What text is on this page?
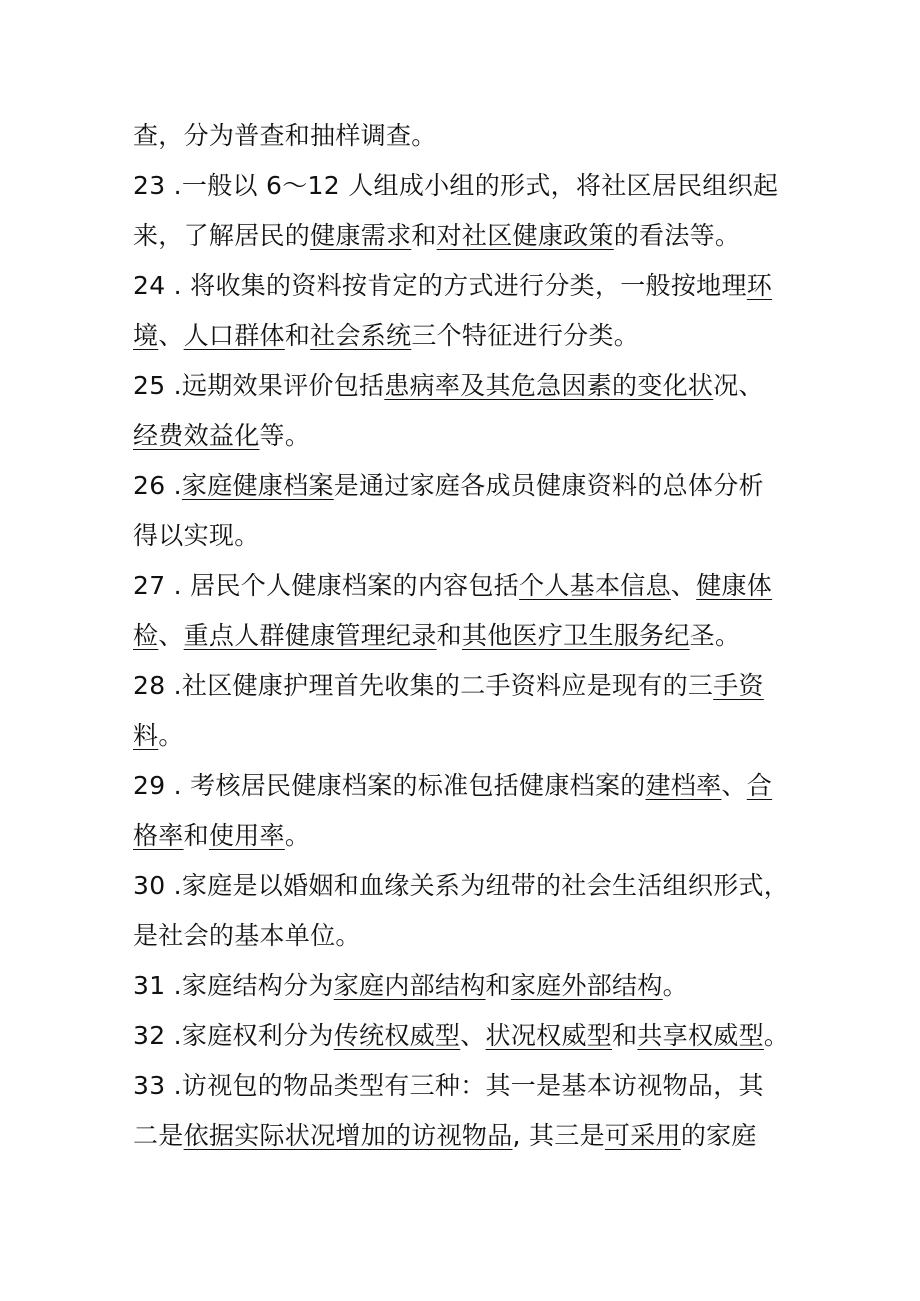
查，分为普查和抽样调查。
23 .一般以 6～12 人组成小组的形式，将社区居民组织起
来，了解居民的健康需求和对社区健康政策的看法等。
24 . 将收集的资料按肯定的方式进行分类，一般按地理环
境、人口群体和社会系统三个特征进行分类。
25 .远期效果评价包括患病率及其危急因素的变化状况、
经费效益化等。
26 .家庭健康档案是通过家庭各成员健康资料的总体分析
得以实现。
27 . 居民个人健康档案的内容包括个人基本信息、健康体
检、重点人群健康管理纪录和其他医疗卫生服务纪圣。
28 .社区健康护理首先收集的二手资料应是现有的三手资
料。
29 . 考核居民健康档案的标准包括健康档案的建档率、合
格率和使用率。
30 .家庭是以婚姻和血缘关系为纽带的社会生活组织形式，
是社会的基本单位。
31 .家庭结构分为家庭内部结构和家庭外部结构。
32 .家庭权利分为传统权威型、状况权威型和共享权威型。
33 .访视包的物品类型有三种：其一是基本访视物品，其
二是依据实际状况增加的访视物品, 其三是可采用的家庭
